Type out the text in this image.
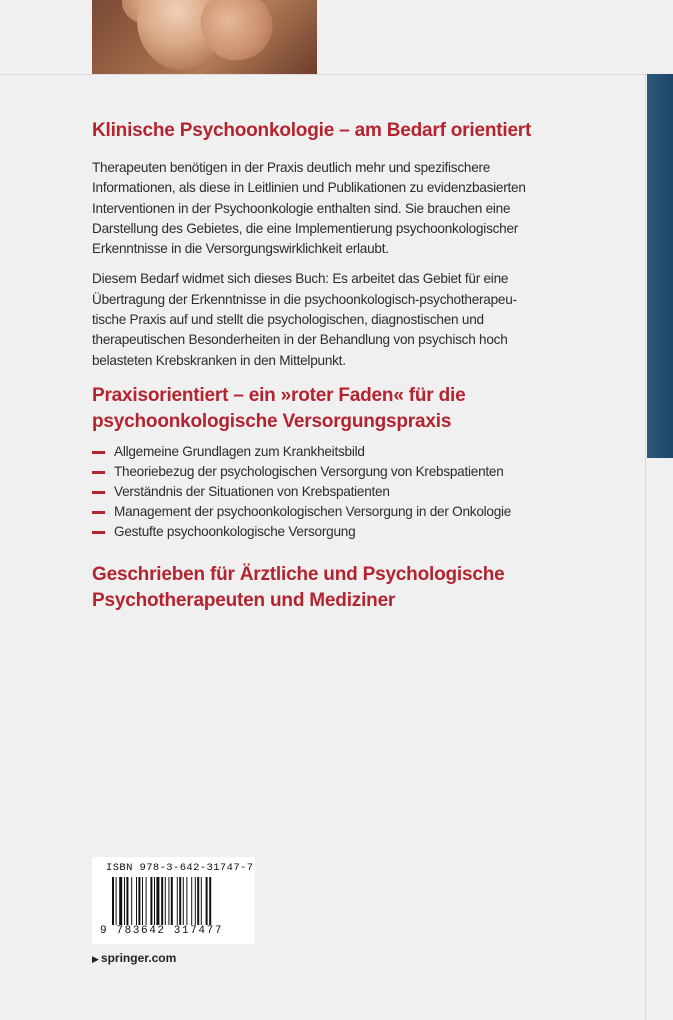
Klinische Psychoonkologie – am Bedarf orientiert

Therapeuten benötigen in der Praxis deutlich mehr und spezifischere Informationen, als diese in Leitlinien und Publikationen zu evidenzbasierten Interventionen in der Psychoonkologie enthalten sind. Sie brauchen eine Darstellung des Gebietes, die eine Implementierung psychoonkologischer Erkenntnisse in die Versorgungswirklichkeit erlaubt.

Diesem Bedarf widmet sich dieses Buch: Es arbeitet das Gebiet für eine Übertragung der Erkenntnisse in die psychoonkologisch-psychotherapeutische Praxis auf und stellt die psychologischen, diagnostischen und therapeutischen Besonderheiten in der Behandlung von psychisch hoch belasteten Krebskranken in den Mittelpunkt.

Praxisorientiert – ein »roter Faden« für die psychoonkologische Versorgungspraxis
Allgemeine Grundlagen zum Krankheitsbild
Theoriebezug der psychologischen Versorgung von Krebspatienten
Verständnis der Situationen von Krebspatienten
Management der psychoonkologischen Versorgung in der Onkologie
Gestufte psychoonkologische Versorgung
Geschrieben für Ärztliche und Psychologische Psychotherapeuten und Mediziner
ISBN 978-3-642-31747-7
9 783642 317477
▶ springer.com
